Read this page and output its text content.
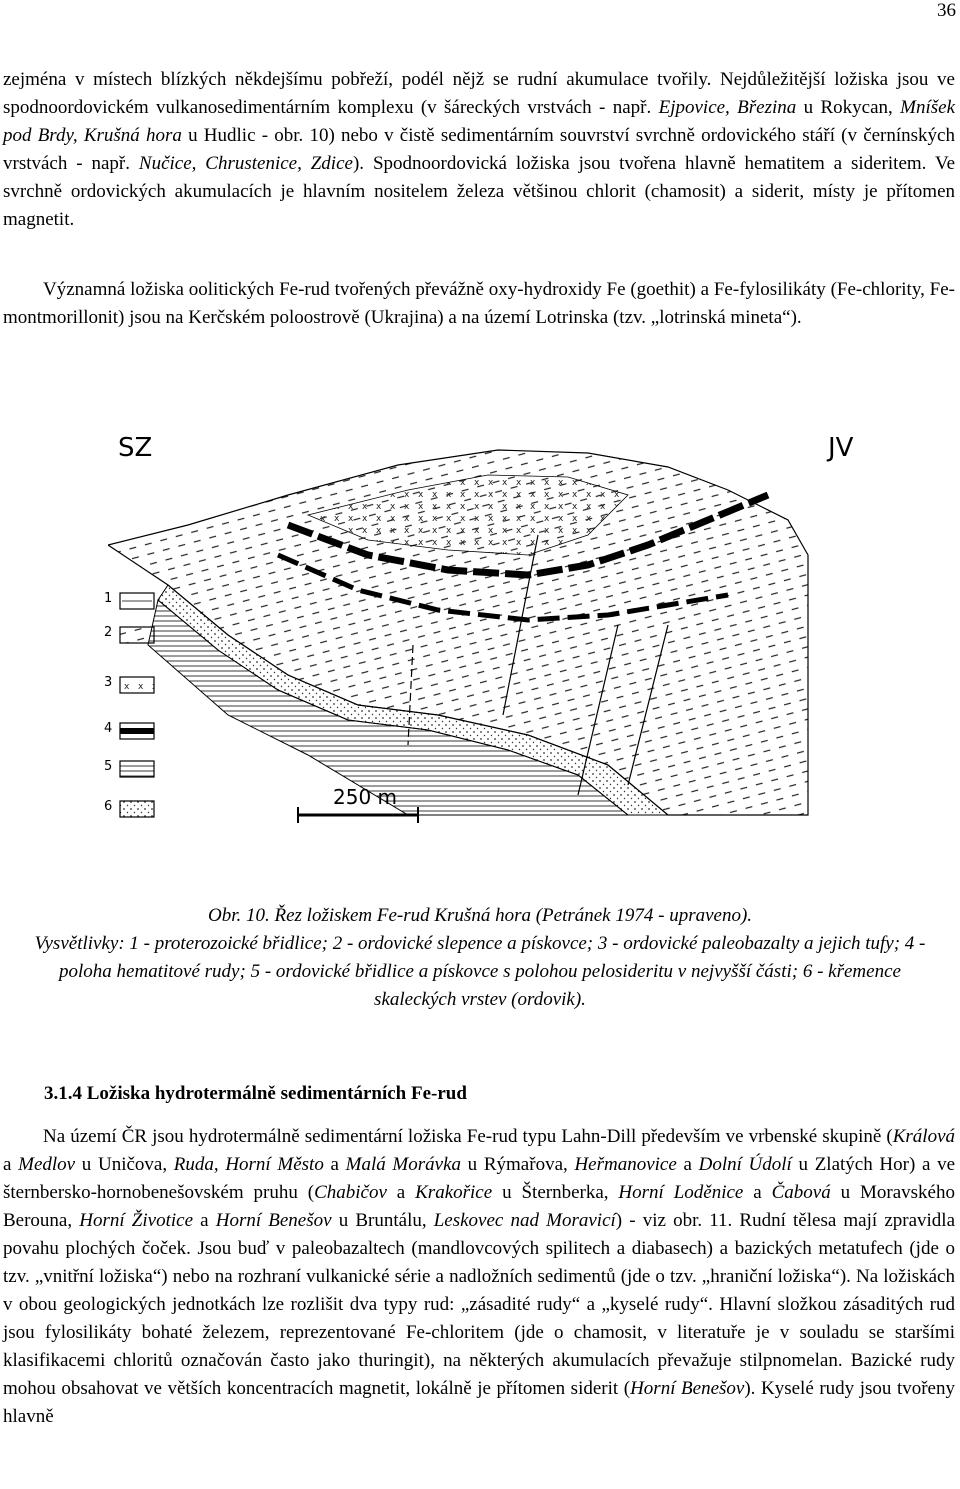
36

zejména v místech blízkých někdejšímu pobřeží, podél nějž se rudní akumulace tvořily. Nejdůležitější ložiska jsou ve spodnoordovickém vulkanosedimentárním komplexu (v šáreckých vrstvách - např. Ejpovice, Březina u Rokycan, Mníšek pod Brdy, Krušná hora u Hudlic - obr. 10) nebo v čistě sedimentárním souvrství svrchně ordovického stáří (v černínských vrstvách - např. Nučice, Chrustenice, Zdice). Spodnoordovická ložiska jsou tvořena hlavně hematitem a sideritem. Ve svrchně ordovických akumulacích je hlavním nositelem železa většinou chlorit (chamosit) a siderit, místy je přítomen magnetit.

Významná ložiska oolitických Fe-rud tvořených převážně oxy-hydroxidy Fe (goethit) a Fe-fylosilikáty (Fe-chlority, Fe-montmorillonit) jsou na Kerčském poloostrově (Ukrajina) a na území Lotrinska (tzv. „lotrinská mineta“).

SZ	JV
250 m
1
2
3
4
5
6
Obr. 10. Řez ložiskem Fe-rud Krušná hora (Petránek 1974 - upraveno).
Vysvětlivky: 1 - proterozoické břidlice; 2 - ordovické slepence a pískovce; 3 - ordovické paleobazalty a jejich tufy; 4 - poloha hematitové rudy; 5 - ordovické břidlice a pískovce s polohou pelosideritu v nejvyšší části; 6 - křemence skaleckých vrstev (ordovik).
3.1.4 Ložiska hydrotermálně sedimentárních Fe-rud

Na území ČR jsou hydrotermálně sedimentární ložiska Fe-rud typu Lahn-Dill především ve vrbenské skupině (Králová a Medlov u Uničova, Ruda, Horní Město a Malá Morávka u Rýmařova, Heřmanovice a Dolní Údolí u Zlatých Hor) a ve šternbersko-hornobenešovském pruhu (Chabičov a Krakořice u Šternberka, Horní Loděnice a Čabová u Moravského Berouna, Horní Životice a Horní Benešov u Bruntálu, Leskovec nad Moravicí) - viz obr. 11. Rudní tělesa mají zpravidla povahu plochých čoček. Jsou buď v paleobazaltech (mandlovcových spilitech a diabasech) a bazických metatufech (jde o tzv. „vnitřní ložiska“) nebo na rozhraní vulkanické série a nadložních sedimentů (jde o tzv. „hraniční ložiska“). Na ložiskách v obou geologických jednotkách lze rozlišit dva typy rud: „zásadité rudy“ a „kyselé rudy“. Hlavní složkou zásaditých rud jsou fylosilikáty bohaté železem, reprezentované Fe-chloritem (jde o chamosit, v literatuře je v souladu se staršími klasifikacemi chloritů označován často jako thuringit), na některých akumulacích převažuje stilpnomelan. Bazické rudy mohou obsahovat ve větších koncentracích magnetit, lokálně je přítomen siderit (Horní Benešov). Kyselé rudy jsou tvořeny hlavně
